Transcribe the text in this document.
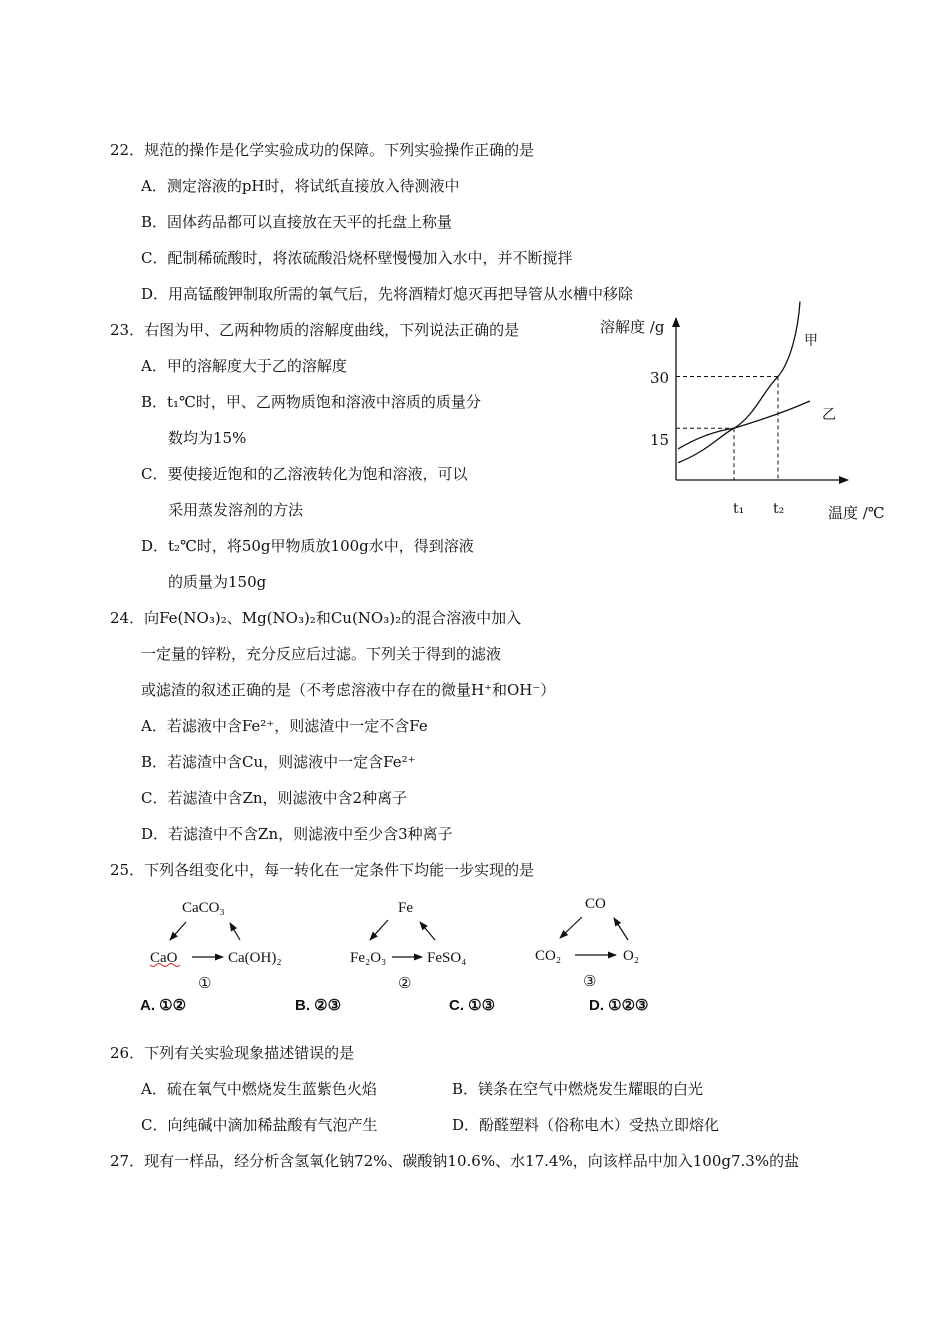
22．规范的操作是化学实验成功的保障。下列实验操作正确的是
A．测定溶液的pH时，将试纸直接放入待测液中
B．固体药品都可以直接放在天平的托盘上称量
C．配制稀硫酸时，将浓硫酸沿烧杯壁慢慢加入水中，并不断搅拌
D．用高锰酸钾制取所需的氧气后，先将酒精灯熄灭再把导管从水槽中移除
23．右图为甲、乙两种物质的溶解度曲线，下列说法正确的是
A．甲的溶解度大于乙的溶解度
B．t₁℃时，甲、乙两物质饱和溶液中溶质的质量分
数均为15%
C．要使接近饱和的乙溶液转化为饱和溶液，可以
采用蒸发溶剂的方法
D．t₂℃时，将50g甲物质放100g水中，得到溶液
的质量为150g
溶解度 /g
温度 /℃
30
15
t₁ t₂
甲
乙
24．向Fe(NO₃)₂、Mg(NO₃)₂和Cu(NO₃)₂的混合溶液中加入
一定量的锌粉，充分反应后过滤。下列关于得到的滤液
或滤渣的叙述正确的是（不考虑溶液中存在的微量H⁺和OH⁻）
A．若滤液中含Fe²⁺，则滤渣中一定不含Fe
B．若滤渣中含Cu，则滤液中一定含Fe²⁺
C．若滤渣中含Zn，则滤液中含2种离子
D．若滤渣中不含Zn，则滤液中至少含3种离子
25．下列各组变化中，每一转化在一定条件下均能一步实现的是
CaCO₃
CaO	Ca(OH)₂
①
Fe
Fe₂O₃	FeSO₄
②
CO
CO₂	O₂
③
A. ①②	B. ②③	C. ①③	D. ①②③
26．下列有关实验现象描述错误的是
A．硫在氧气中燃烧发生蓝紫色火焰	B．镁条在空气中燃烧发生耀眼的白光
C．向纯碱中滴加稀盐酸有气泡产生	D．酚醛塑料（俗称电木）受热立即熔化
27．现有一样品，经分析含氢氧化钠72%、碳酸钠10.6%、水17.4%，向该样品中加入100g7.3%的盐
